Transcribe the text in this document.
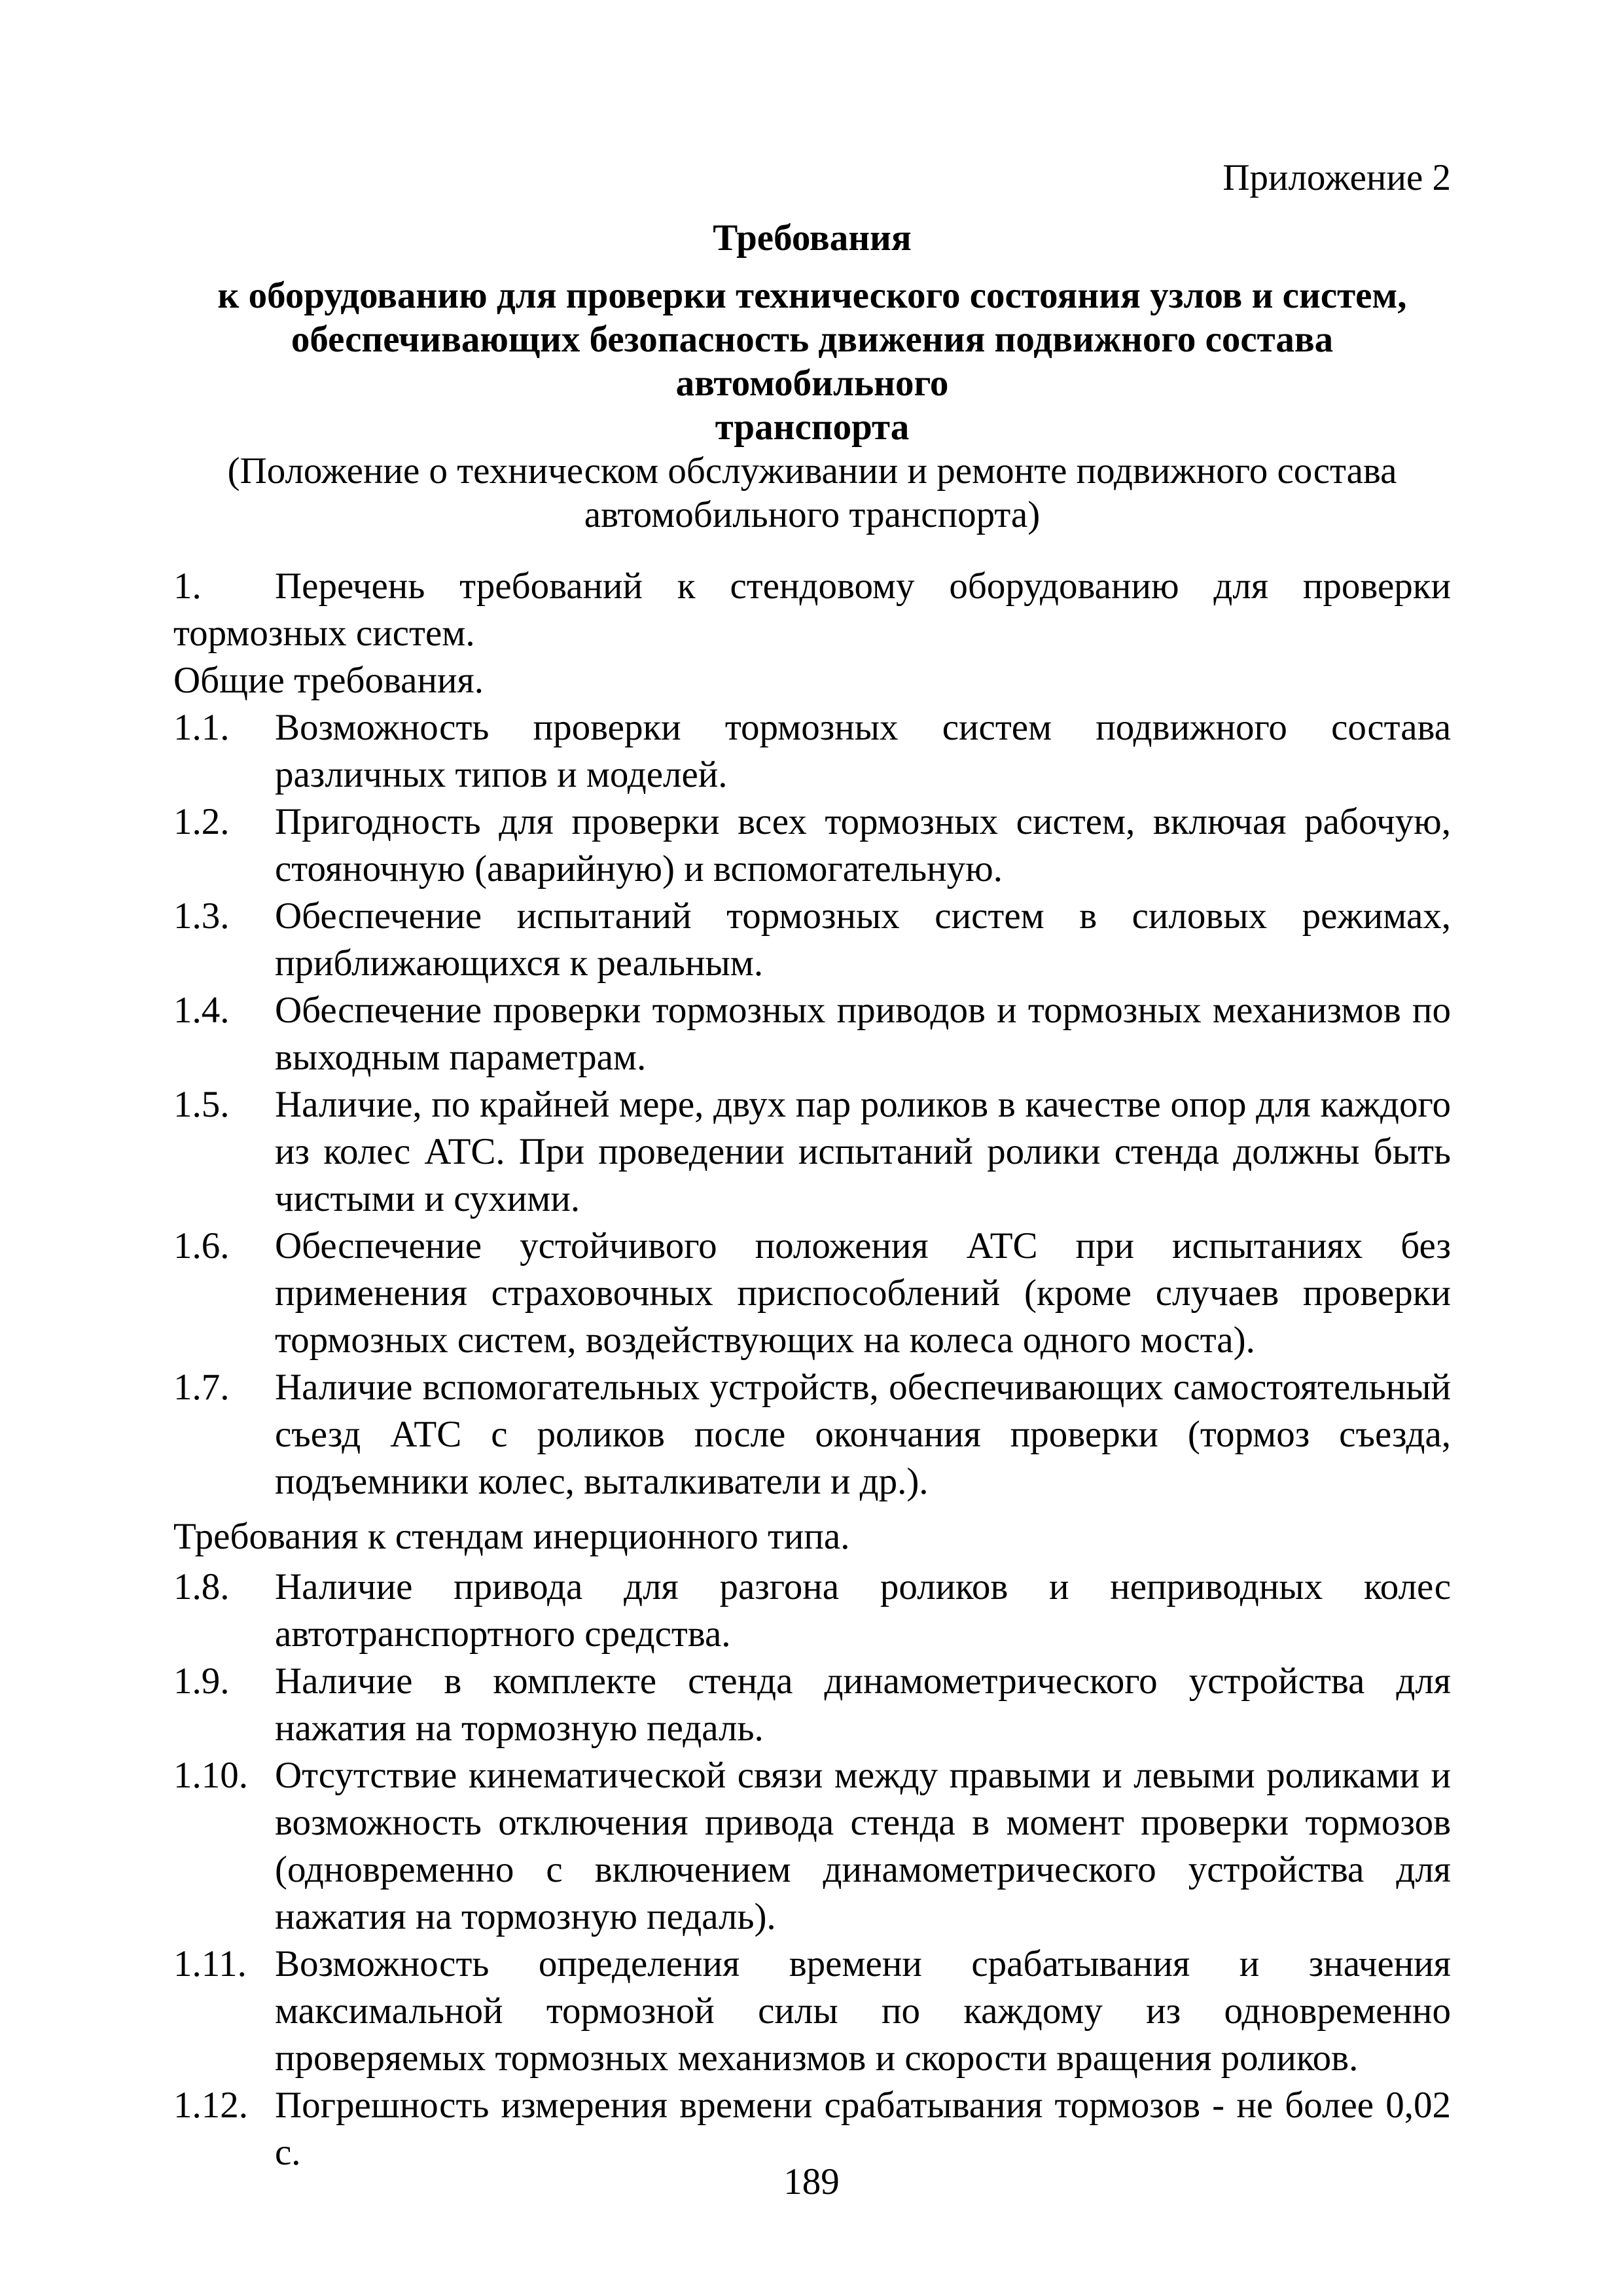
Приложение 2
Требования
к оборудованию для проверки технического состояния узлов и систем,
обеспечивающих безопасность движения подвижного состава автомобильного
транспорта
(Положение о техническом обслуживании и ремонте подвижного состава
автомобильного транспорта)

1. Перечень требований к стендовому оборудованию для проверки тормозных систем.

Общие требования.

1.1. Возможность проверки тормозных систем подвижного состава различных типов и моделей.

1.2. Пригодность для проверки всех тормозных систем, включая рабочую, стояночную (аварийную) и вспомогательную.

1.3. Обеспечение испытаний тормозных систем в силовых режимах, приближающихся к реальным.

1.4. Обеспечение проверки тормозных приводов и тормозных механизмов по выходным параметрам.

1.5. Наличие, по крайней мере, двух пар роликов в качестве опор для каждого из колес АТС. При проведении испытаний ролики стенда должны быть чистыми и сухими.

1.6. Обеспечение устойчивого положения АТС при испытаниях без применения страховочных приспособлений (кроме случаев проверки тормозных систем, воздействующих на колеса одного моста).

1.7. Наличие вспомогательных устройств, обеспечивающих самостоятельный съезд АТС с роликов после окончания проверки (тормоз съезда, подъемники колес, выталкиватели и др.).

Требования к стендам инерционного типа.

1.8. Наличие привода для разгона роликов и неприводных колес автотранспортного средства.

1.9. Наличие в комплекте стенда динамометрического устройства для нажатия на тормозную педаль.

1.10. Отсутствие кинематической связи между правыми и левыми роликами и возможность отключения привода стенда в момент проверки тормозов (одновременно с включением динамометрического устройства для нажатия на тормозную педаль).

1.11. Возможность определения времени срабатывания и значения максимальной тормозной силы по каждому из одновременно проверяемых тормозных механизмов и скорости вращения роликов.

1.12. Погрешность измерения времени срабатывания тормозов - не более 0,02 с.

189
